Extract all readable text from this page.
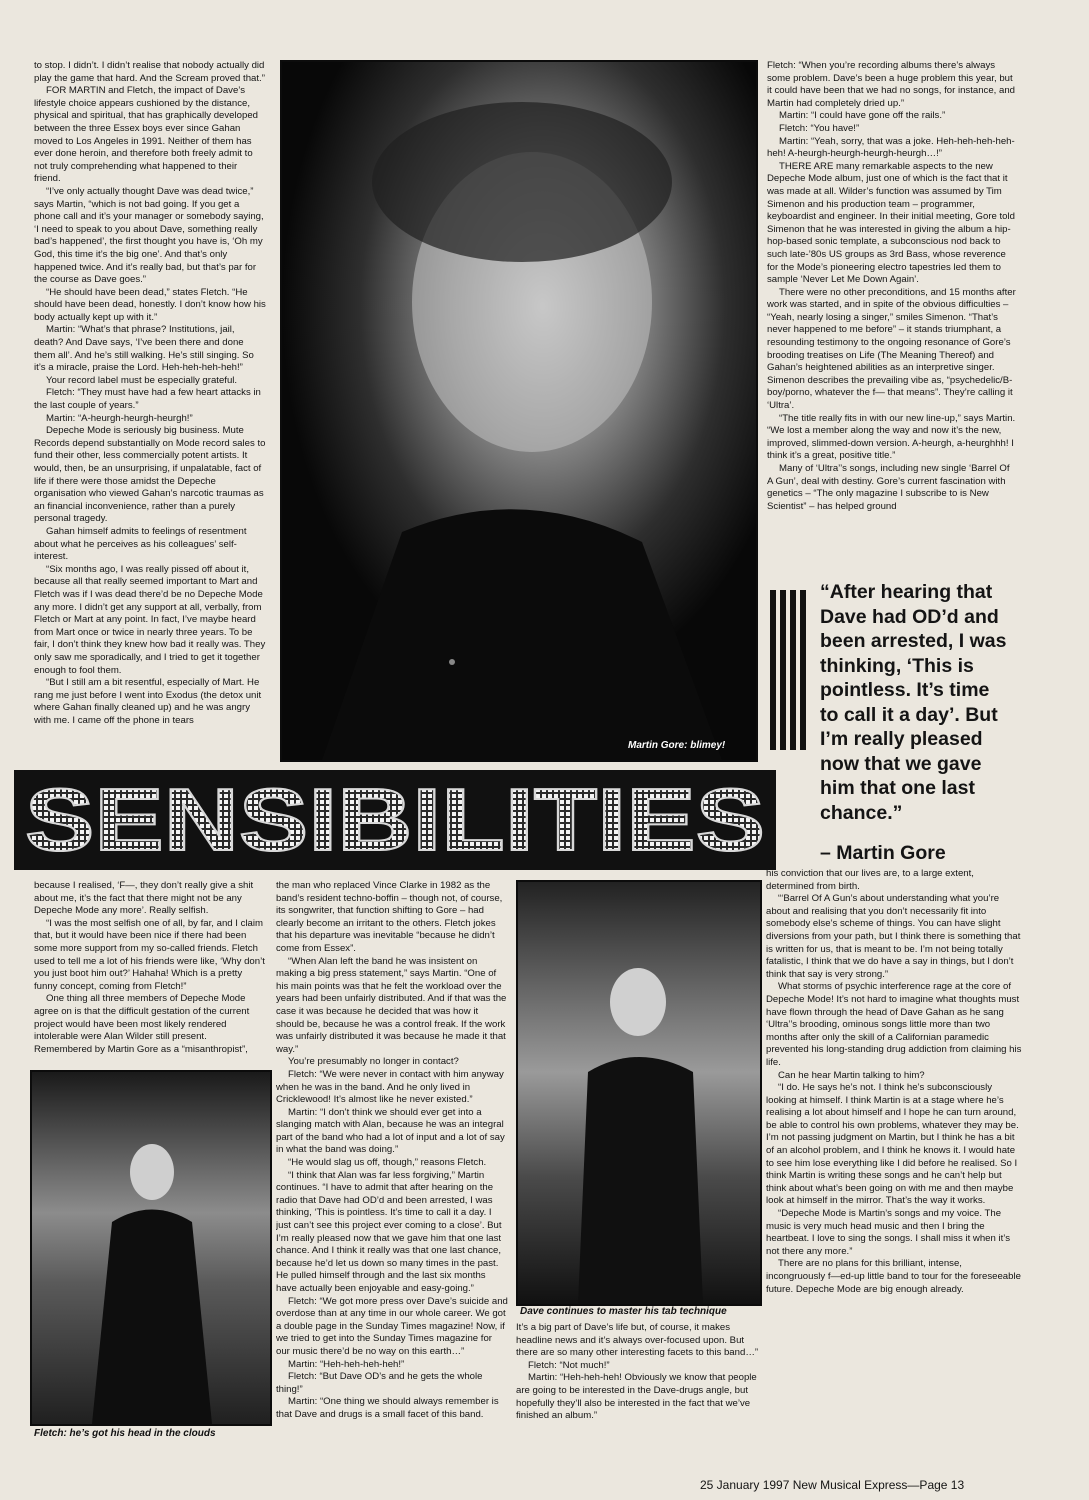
to stop. I didn’t. I didn’t realise that nobody actually did play the game that hard. And the Scream proved that.”

FOR MARTIN and Fletch, the impact of Dave’s lifestyle choice appears cushioned by the distance, physical and spiritual, that has graphically developed between the three Essex boys ever since Gahan moved to Los Angeles in 1991. Neither of them has ever done heroin, and therefore both freely admit to not truly comprehending what happened to their friend.

“I’ve only actually thought Dave was dead twice,” says Martin, “which is not bad going. If you get a phone call and it’s your manager or somebody saying, ‘I need to speak to you about Dave, something really bad’s happened’, the first thought you have is, ‘Oh my God, this time it’s the big one’. And that’s only happened twice. And it’s really bad, but that’s par for the course as Dave goes.”

“He should have been dead,” states Fletch. “He should have been dead, honestly. I don’t know how his body actually kept up with it.”

Martin: “What’s that phrase? Institutions, jail, death? And Dave says, ‘I’ve been there and done them all’. And he’s still walking. He’s still singing. So it’s a miracle, praise the Lord. Heh-heh-heh-heh!”

Your record label must be especially grateful.

Fletch: “They must have had a few heart attacks in the last couple of years.”

Martin: “A-heurgh-heurgh-heurgh!”

Depeche Mode is seriously big business. Mute Records depend substantially on Mode record sales to fund their other, less commercially potent artists. It would, then, be an unsurprising, if unpalatable, fact of life if there were those amidst the Depeche organisation who viewed Gahan’s narcotic traumas as an financial inconvenience, rather than a purely personal tragedy.

Gahan himself admits to feelings of resentment about what he perceives as his colleagues’ self-interest.

“Six months ago, I was really pissed off about it, because all that really seemed important to Mart and Fletch was if I was dead there’d be no Depeche Mode any more. I didn’t get any support at all, verbally, from Fletch or Mart at any point. In fact, I’ve maybe heard from Mart once or twice in nearly three years. To be fair, I don’t think they knew how bad it really was. They only saw me sporadically, and I tried to get it together enough to fool them.

“But I still am a bit resentful, especially of Mart. He rang me just before I went into Exodus (the detox unit where Gahan finally cleaned up) and he was angry with me. I came off the phone in tears

Martin Gore: blimey!

Fletch: “When you’re recording albums there’s always some problem. Dave’s been a huge problem this year, but it could have been that we had no songs, for instance, and Martin had completely dried up.”

Martin: “I could have gone off the rails.”

Fletch: “You have!”

Martin: “Yeah, sorry, that was a joke. Heh-heh-heh-heh-heh! A-heurgh-heurgh-heurgh-heurgh…!”

THERE ARE many remarkable aspects to the new Depeche Mode album, just one of which is the fact that it was made at all. Wilder’s function was assumed by Tim Simenon and his production team – programmer, keyboardist and engineer. In their initial meeting, Gore told Simenon that he was interested in giving the album a hip-hop-based sonic template, a subconscious nod back to such late-’80s US groups as 3rd Bass, whose reverence for the Mode’s pioneering electro tapestries led them to sample ‘Never Let Me Down Again’.

There were no other preconditions, and 15 months after work was started, and in spite of the obvious difficulties – “Yeah, nearly losing a singer,” smiles Simenon. “That’s never happened to me before” – it stands triumphant, a resounding testimony to the ongoing resonance of Gore’s brooding treatises on Life (The Meaning Thereof) and Gahan’s heightened abilities as an interpretive singer. Simenon describes the prevailing vibe as, “psychedelic/B-boy/porno, whatever the f— that means”. They’re calling it ‘Ultra’.

“The title really fits in with our new line-up,” says Martin. “We lost a member along the way and now it’s the new, improved, slimmed-down version. A-heurgh, a-heurghhh! I think it’s a great, positive title.”

Many of ‘Ultra’’s songs, including new single ‘Barrel Of A Gun’, deal with destiny. Gore’s current fascination with genetics – “The only magazine I subscribe to is New Scientist” – has helped ground

SENSIBILITIES
“After hearing that Dave had OD’d and been arrested, I was thinking, ‘This is pointless. It’s time to call it a day’. But I’m really pleased now that we gave him that one last chance.”
– Martin Gore

because I realised, ‘F—, they don’t really give a shit about me, it’s the fact that there might not be any Depeche Mode any more’. Really selfish.

“I was the most selfish one of all, by far, and I claim that, but it would have been nice if there had been some more support from my so-called friends. Fletch used to tell me a lot of his friends were like, ‘Why don’t you just boot him out?’ Hahaha! Which is a pretty funny concept, coming from Fletch!”

One thing all three members of Depeche Mode agree on is that the difficult gestation of the current project would have been most likely rendered intolerable were Alan Wilder still present. Remembered by Martin Gore as a “misanthropist”,

Fletch: he’s got his head in the clouds

the man who replaced Vince Clarke in 1982 as the band’s resident techno-boffin – though not, of course, its songwriter, that function shifting to Gore – had clearly become an irritant to the others. Fletch jokes that his departure was inevitable “because he didn’t come from Essex”.

“When Alan left the band he was insistent on making a big press statement,” says Martin. “One of his main points was that he felt the workload over the years had been unfairly distributed. And if that was the case it was because he decided that was how it should be, because he was a control freak. If the work was unfairly distributed it was because he made it that way.”

You’re presumably no longer in contact?

Fletch: “We were never in contact with him anyway when he was in the band. And he only lived in Cricklewood! It’s almost like he never existed.”

Martin: “I don’t think we should ever get into a slanging match with Alan, because he was an integral part of the band who had a lot of input and a lot of say in what the band was doing.”

“He would slag us off, though,” reasons Fletch.

“I think that Alan was far less forgiving,” Martin continues. “I have to admit that after hearing on the radio that Dave had OD’d and been arrested, I was thinking, ‘This is pointless. It’s time to call it a day. I just can’t see this project ever coming to a close’. But I’m really pleased now that we gave him that one last chance. And I think it really was that one last chance, because he’d let us down so many times in the past. He pulled himself through and the last six months have actually been enjoyable and easy-going.”

Fletch: “We got more press over Dave’s suicide and overdose than at any time in our whole career. We got a double page in the Sunday Times magazine! Now, if we tried to get into the Sunday Times magazine for our music there’d be no way on this earth…”

Martin: “Heh-heh-heh-heh!”

Fletch: “But Dave OD’s and he gets the whole thing!”

Martin: “One thing we should always remember is that Dave and drugs is a small facet of this band.

Dave continues to master his tab technique

It’s a big part of Dave’s life but, of course, it makes headline news and it’s always over-focused upon. But there are so many other interesting facets to this band…”

Fletch: “Not much!”

Martin: “Heh-heh-heh! Obviously we know that people are going to be interested in the Dave-drugs angle, but hopefully they’ll also be interested in the fact that we’ve finished an album.”

his conviction that our lives are, to a large extent, determined from birth.

“‘Barrel Of A Gun’s about understanding what you’re about and realising that you don’t necessarily fit into somebody else’s scheme of things. You can have slight diversions from your path, but I think there is something that is written for us, that is meant to be. I’m not being totally fatalistic, I think that we do have a say in things, but I don’t think that say is very strong.”

What storms of psychic interference rage at the core of Depeche Mode! It’s not hard to imagine what thoughts must have flown through the head of Dave Gahan as he sang ‘Ultra’’s brooding, ominous songs little more than two months after only the skill of a Californian paramedic prevented his long-standing drug addiction from claiming his life.

Can he hear Martin talking to him?

“I do. He says he’s not. I think he’s subconsciously looking at himself. I think Martin is at a stage where he’s realising a lot about himself and I hope he can turn around, be able to control his own problems, whatever they may be. I’m not passing judgment on Martin, but I think he has a bit of an alcohol problem, and I think he knows it. I would hate to see him lose everything like I did before he realised. So I think Martin is writing these songs and he can’t help but think about what’s been going on with me and then maybe look at himself in the mirror. That’s the way it works.

“Depeche Mode is Martin’s songs and my voice. The music is very much head music and then I bring the heartbeat. I love to sing the songs. I shall miss it when it’s not there any more.”

There are no plans for this brilliant, intense, incongruously f—ed-up little band to tour for the foreseeable future. Depeche Mode are big enough already.

25 January 1997 New Musical Express—Page 13
